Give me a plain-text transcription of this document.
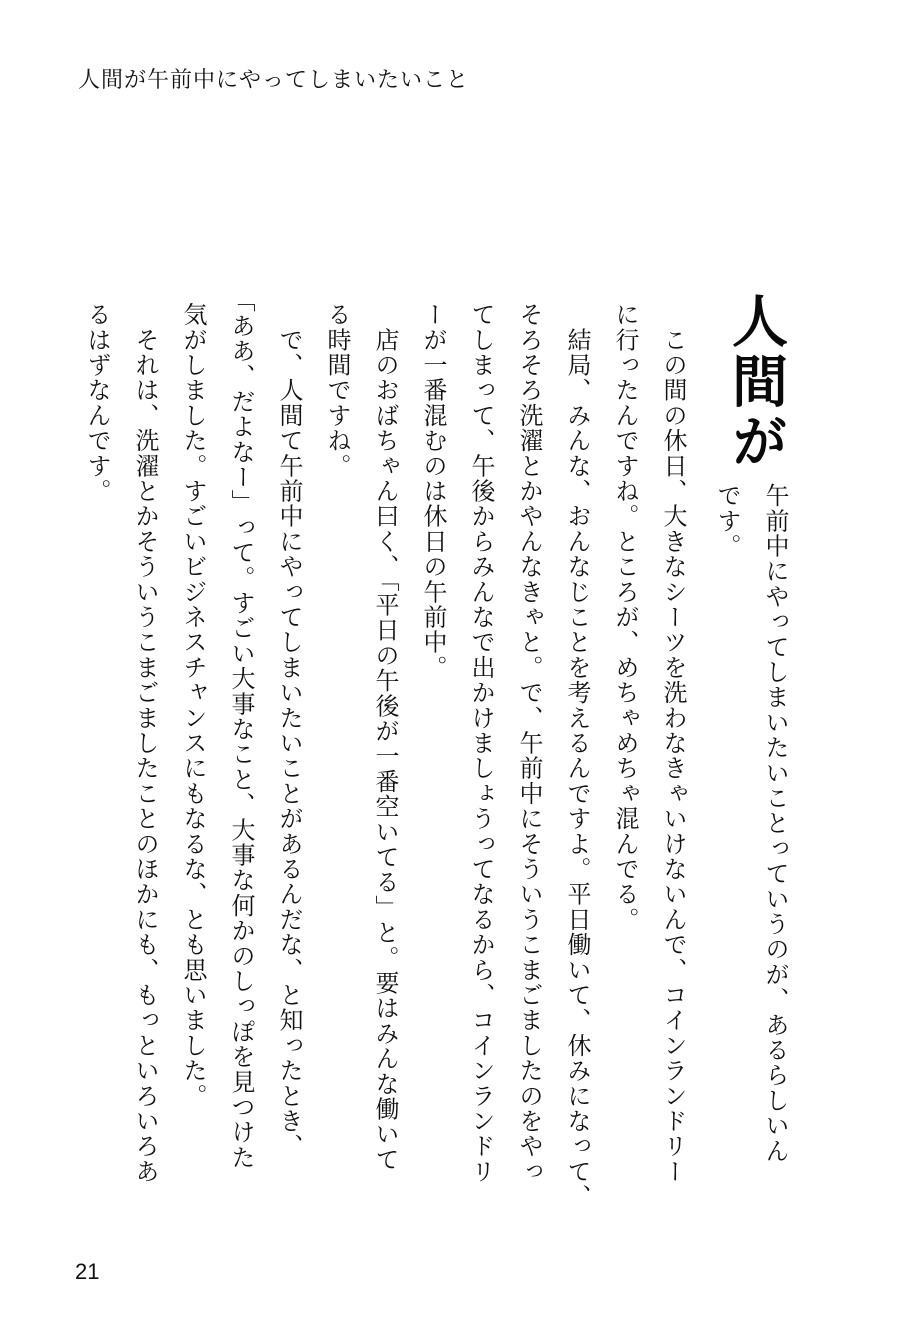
人間が午前中にやってしまいたいこと
人間が
午前中にやってしまいたいことっていうのが、あるらしいん
です。
　この間の休日、大きなシーツを洗わなきゃいけないんで、コインランドリー
に行ったんですね。ところが、めちゃめちゃ混んでる。
　結局、みんな、おんなじことを考えるんですよ。平日働いて、休みになって、
そろそろ洗濯とかやんなきゃと。で、午前中にそういうこまごましたのをやっ
てしまって、午後からみんなで出かけましょうってなるから、コインランドリ
ーが一番混むのは休日の午前中。
　店のおばちゃん曰く、「平日の午後が一番空いてる」と。要はみんな働いて
る時間ですね。
　で、人間て午前中にやってしまいたいことがあるんだな、と知ったとき、
「ああ、だよなー」って。すごい大事なこと、大事な何かのしっぽを見つけた
気がしました。すごいビジネスチャンスにもなるな、とも思いました。
　それは、洗濯とかそういうこまごましたことのほかにも、もっといろいろあ
るはずなんです。
21
